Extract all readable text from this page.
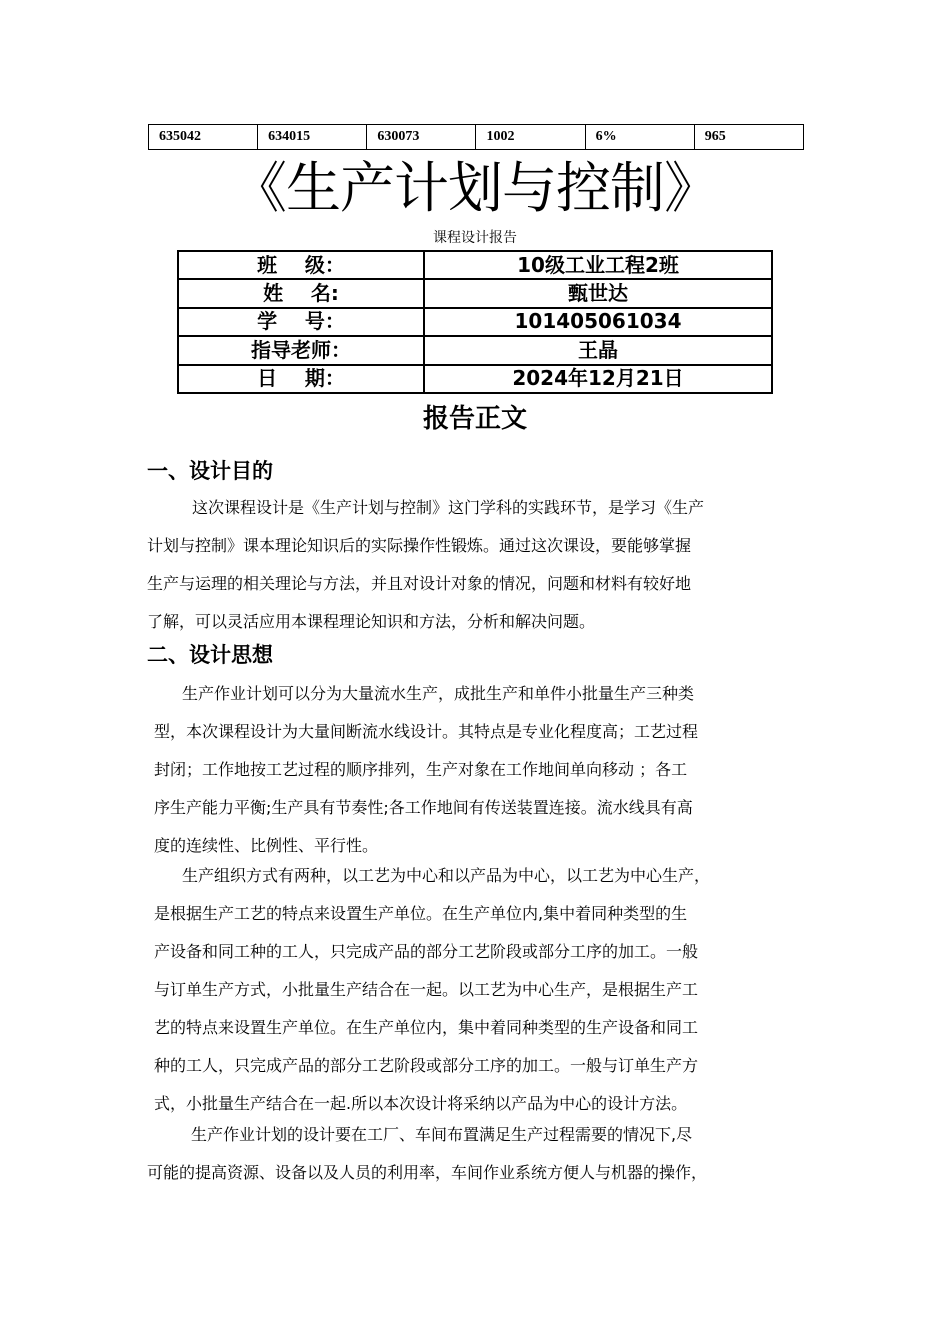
635042	634015	630073	1002	6%	965
《生产计划与控制》
课程设计报告
班    级：	10级工业工程2班
姓    名:	甄世达
学    号：	101405061034
指导老师：	王晶
日    期：	2024年12月21日
报告正文
一、设计目的

这次课程设计是《生产计划与控制》这门学科的实践环节，是学习《生产

计划与控制》课本理论知识后的实际操作性锻炼。通过这次课设，要能够掌握

生产与运理的相关理论与方法，并且对设计对象的情况，问题和材料有较好地

了解，可以灵活应用本课程理论知识和方法，分析和解决问题。

二、设计思想

生产作业计划可以分为大量流水生产，成批生产和单件小批量生产三种类

型，本次课程设计为大量间断流水线设计。其特点是专业化程度高；工艺过程

封闭；工作地按工艺过程的顺序排列，生产对象在工作地间单向移动 ；各工

序生产能力平衡;生产具有节奏性;各工作地间有传送装置连接。流水线具有高

度的连续性、比例性、平行性。

生产组织方式有两种，以工艺为中心和以产品为中心，以工艺为中心生产，

是根据生产工艺的特点来设置生产单位。在生产单位内,集中着同种类型的生

产设备和同工种的工人，只完成产品的部分工艺阶段或部分工序的加工。一般

与订单生产方式，小批量生产结合在一起。以工艺为中心生产，是根据生产工

艺的特点来设置生产单位。在生产单位内，集中着同种类型的生产设备和同工

种的工人，只完成产品的部分工艺阶段或部分工序的加工。一般与订单生产方

式，小批量生产结合在一起.所以本次设计将采纳以产品为中心的设计方法。

生产作业计划的设计要在工厂、车间布置满足生产过程需要的情况下,尽

可能的提高资源、设备以及人员的利用率，车间作业系统方便人与机器的操作，
